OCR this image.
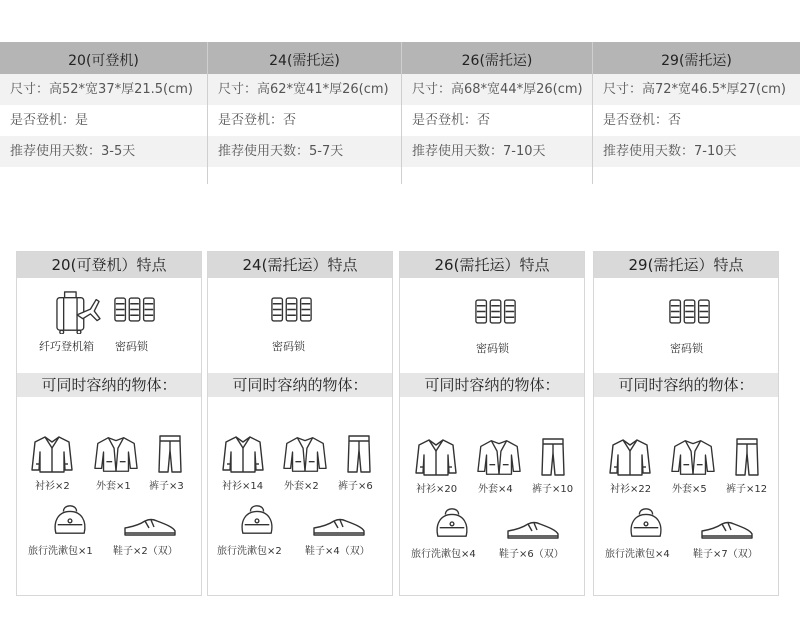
20(可登机)
尺寸：高52*宽37*厚21.5(cm)
是否登机：是
推荐使用天数：3-5天
24(需托运)
尺寸：高62*宽41*厚26(cm)
是否登机：否
推荐使用天数：5-7天
26(需托运)
尺寸：高68*宽44*厚26(cm)
是否登机：否
推荐使用天数：7-10天
29(需托运)
尺寸：高72*宽46.5*厚27(cm)
是否登机：否
推荐使用天数：7-10天
20(可登机）特点
纤巧登机箱 密码锁
可同时容纳的物体：
衬衫×2	外套×1 裤子×3
旅行洗漱包×1 鞋子×2（双）
24(需托运）特点
密码锁
可同时容纳的物体：
衬衫×14 外套×2 裤子×6
旅行洗漱包×2 鞋子×4（双）
26(需托运）特点
密码锁
可同时容纳的物体：
衬衫×20 外套×4 裤子×10
旅行洗漱包×4 鞋子×6（双）
29(需托运）特点
密码锁
可同时容纳的物体：
衬衫×22 外套×5 裤子×12
旅行洗漱包×4 鞋子×7（双）
